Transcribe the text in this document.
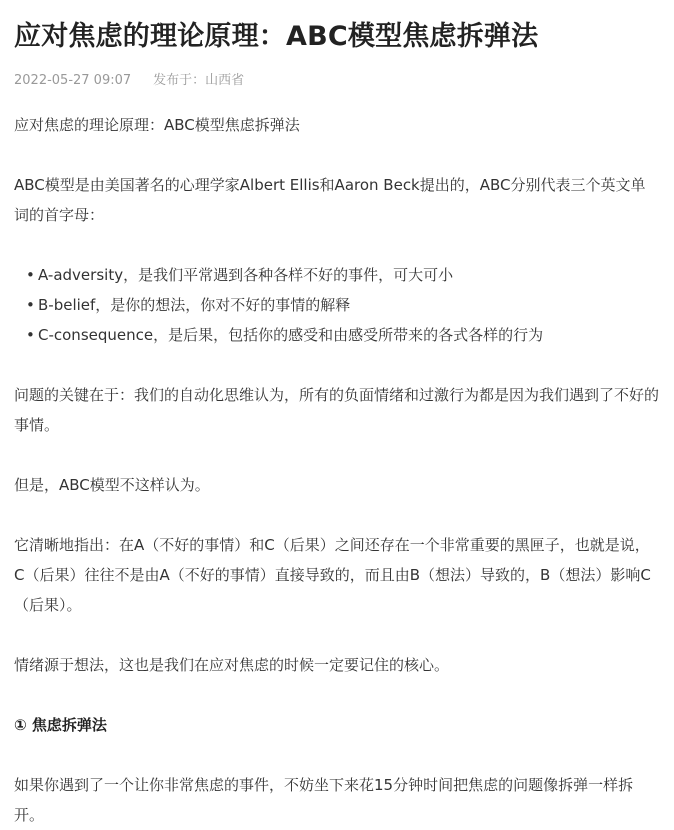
应对焦虑的理论原理：ABC模型焦虑拆弹法
2022-05-27 09:07 发布于：山西省

应对焦虑的理论原理：ABC模型焦虑拆弹法

ABC模型是由美国著名的心理学家Albert Ellis和Aaron Beck提出的，ABC分别代表三个英文单词的首字母：

• A-adversity，是我们平常遇到各种各样不好的事件，可大可小
• B-belief，是你的想法，你对不好的事情的解释
• C-consequence，是后果，包括你的感受和由感受所带来的各式各样的行为

问题的关键在于：我们的自动化思维认为，所有的负面情绪和过激行为都是因为我们遇到了不好的事情。

但是，ABC模型不这样认为。

它清晰地指出：在A（不好的事情）和C（后果）之间还存在一个非常重要的黑匣子，也就是说，C（后果）往往不是由A（不好的事情）直接导致的，而且由B（想法）导致的，B（想法）影响C（后果）。

情绪源于想法，这也是我们在应对焦虑的时候一定要记住的核心。

① 焦虑拆弹法

如果你遇到了一个让你非常焦虑的事件，不妨坐下来花15分钟时间把焦虑的问题像拆弹一样拆开。
